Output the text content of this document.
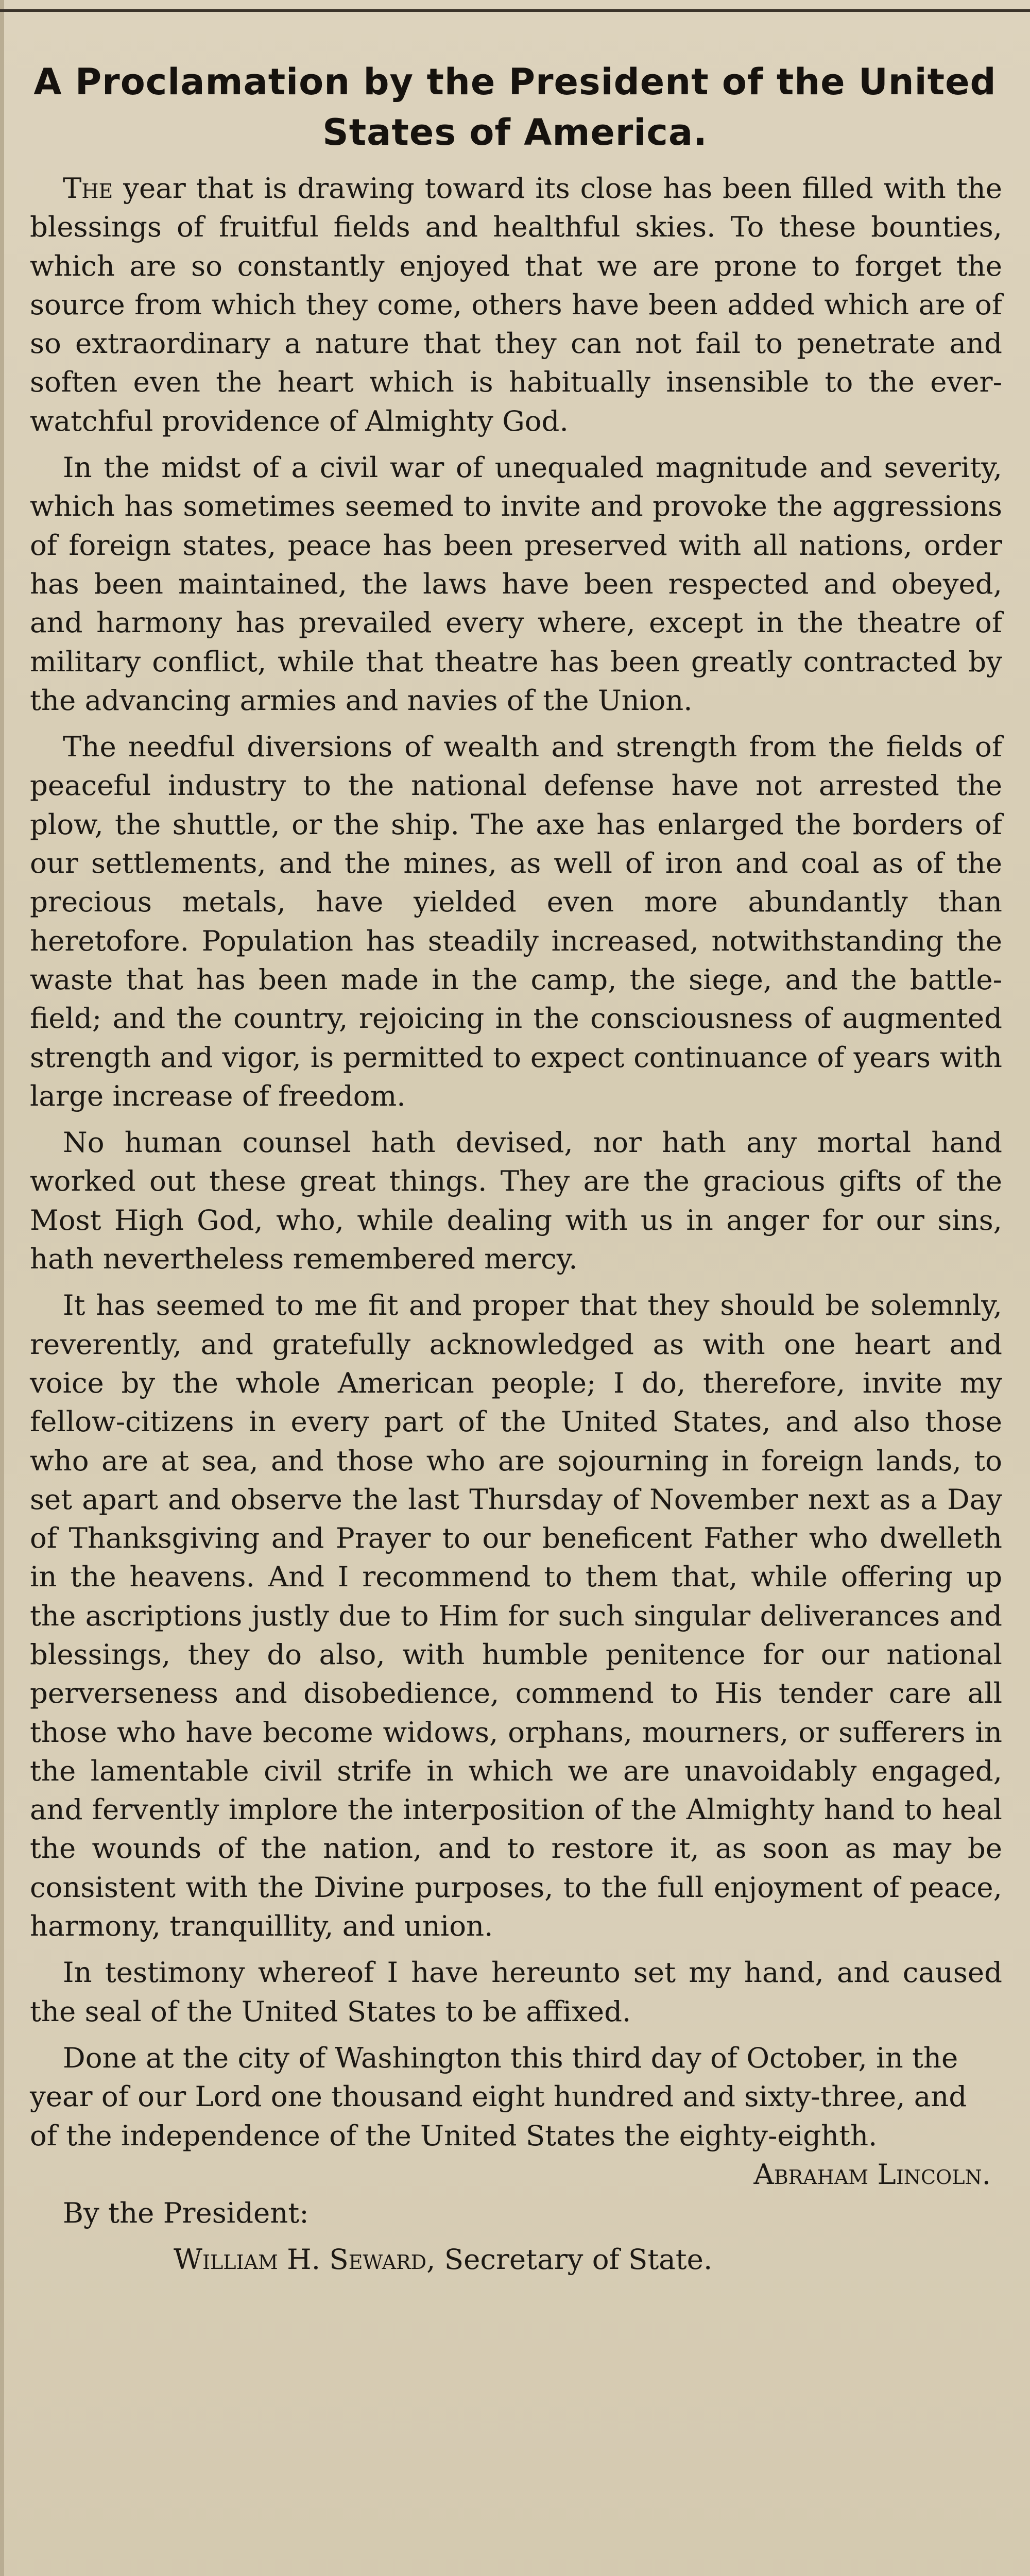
A Proclamation by the President of the United States of America.

The year that is drawing toward its close has been filled with the blessings of fruitful fields and healthful skies. To these bounties, which are so constantly enjoyed that we are prone to forget the source from which they come, others have been added which are of so extraordinary a nature that they can not fail to penetrate and soften even the heart which is habitually insensible to the ever-watchful providence of Almighty God.

In the midst of a civil war of unequaled magnitude and severity, which has sometimes seemed to invite and provoke the aggressions of foreign states, peace has been preserved with all nations, order has been maintained, the laws have been respected and obeyed, and harmony has prevailed every where, except in the theatre of military conflict, while that theatre has been greatly contracted by the advancing armies and navies of the Union.

The needful diversions of wealth and strength from the fields of peaceful industry to the national defense have not arrested the plow, the shuttle, or the ship. The axe has enlarged the borders of our settlements, and the mines, as well of iron and coal as of the precious metals, have yielded even more abundantly than heretofore. Population has steadily increased, notwithstanding the waste that has been made in the camp, the siege, and the battle-field; and the country, rejoicing in the consciousness of augmented strength and vigor, is permitted to expect continuance of years with large increase of freedom.

No human counsel hath devised, nor hath any mortal hand worked out these great things. They are the gracious gifts of the Most High God, who, while dealing with us in anger for our sins, hath nevertheless remembered mercy.

It has seemed to me fit and proper that they should be solemnly, reverently, and gratefully acknowledged as with one heart and voice by the whole American people; I do, therefore, invite my fellow-citizens in every part of the United States, and also those who are at sea, and those who are sojourning in foreign lands, to set apart and observe the last Thursday of November next as a Day of Thanksgiving and Prayer to our beneficent Father who dwelleth in the heavens. And I recommend to them that, while offering up the ascriptions justly due to Him for such singular deliverances and blessings, they do also, with humble penitence for our national perverseness and disobedience, commend to His tender care all those who have become widows, orphans, mourners, or sufferers in the lamentable civil strife in which we are unavoidably engaged, and fervently implore the interposition of the Almighty hand to heal the wounds of the nation, and to restore it, as soon as may be consistent with the Divine purposes, to the full enjoyment of peace, harmony, tranquillity, and union.

In testimony whereof I have hereunto set my hand, and caused the seal of the United States to be affixed.

Done at the city of Washington this third day of October, in the year of our Lord one thousand eight hundred and sixty-three, and of the independence of the United States the eighty-eighth.
Abraham Lincoln.

By the President:

William H. Seward, Secretary of State.
